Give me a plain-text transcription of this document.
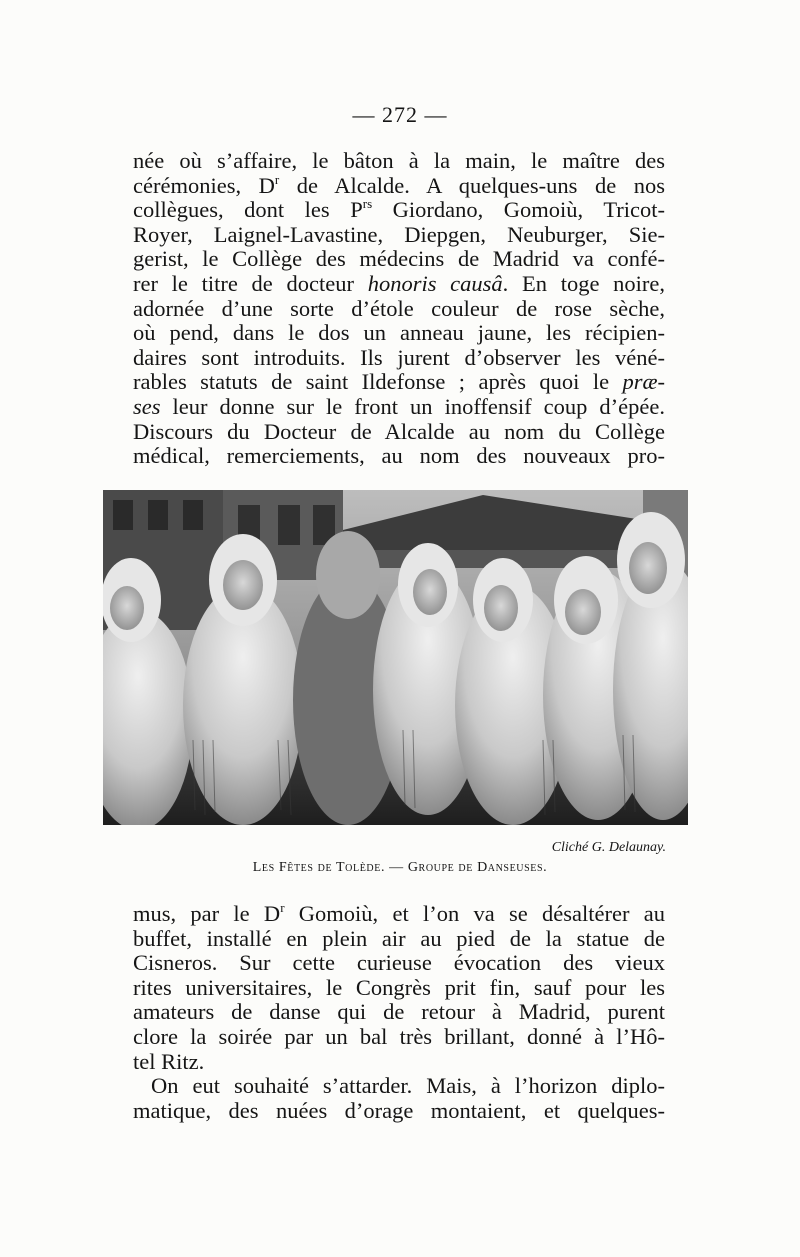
— 272 —
née où s’affaire, le bâton à la main, le maître des
cérémonies, $D^r$ de Alcalde. A quelques-uns de nos
collègues, dont les $P^{rs}$ Giordano, Gomoiù, Tricot-
Royer, Laignel-Lavastine, Diepgen, Neuburger, Sie-
gerist, le Collège des médecins de Madrid va confé-
rer le titre de docteur honoris causâ. En toge noire,
adornée d’une sorte d’étole couleur de rose sèche,
où pend, dans le dos un anneau jaune, les récipien-
daires sont introduits. Ils jurent d’observer les véné-
rables statuts de saint Ildefonse ; après quoi le præ-
ses leur donne sur le front un inoffensif coup d’épée.
Discours du Docteur de Alcalde au nom du Collège
médical, remerciements, au nom des nouveaux pro-
Cliché G. Delaunay.
Les Fêtes de Tolède. — Groupe de Danseuses.
mus, par le $D^r$ Gomoiù, et l’on va se désaltérer au
buffet, installé en plein air au pied de la statue de
Cisneros. Sur cette curieuse évocation des vieux
rites universitaires, le Congrès prit fin, sauf pour les
amateurs de danse qui de retour à Madrid, purent
clore la soirée par un bal très brillant, donné à l’Hô-
tel Ritz.
On eut souhaité s’attarder. Mais, à l’horizon diplo-
matique, des nuées d’orage montaient, et quelques-
